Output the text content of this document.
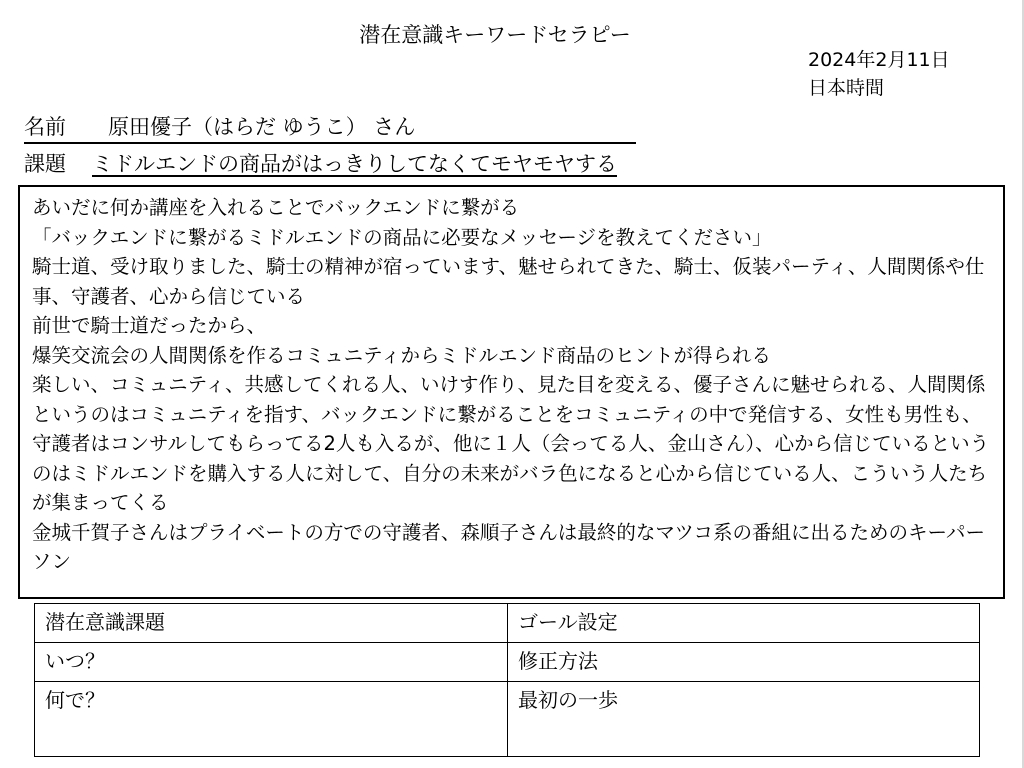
潜在意識キーワードセラピー
2024年2月11日
日本時間
名前 原田優子（はらだ ゆうこ） さん
課題 ミドルエンドの商品がはっきりしてなくてモヤモヤする

あいだに何か講座を入れることでバックエンドに繋がる

「バックエンドに繋がるミドルエンドの商品に必要なメッセージを教えてください」

騎士道、受け取りました、騎士の精神が宿っています、魅せられてきた、騎士、仮装パーティ、人間関係や仕事、守護者、心から信じている

前世で騎士道だったから、

爆笑交流会の人間関係を作るコミュニティからミドルエンド商品のヒントが得られる

楽しい、コミュニティ、共感してくれる人、いけす作り、見た目を変える、優子さんに魅せられる、人間関係というのはコミュニティを指す、バックエンドに繋がることをコミュニティの中で発信する、女性も男性も、守護者はコンサルしてもらってる2人も入るが、他に１人（会ってる人、金山さん）、心から信じているというのはミドルエンドを購入する人に対して、自分の未来がバラ色になると心から信じている人、こういう人たちが集まってくる

金城千賀子さんはプライベートの方での守護者、森順子さんは最終的なマツコ系の番組に出るためのキーパーソン

潜在意識課題	ゴール設定
いつ？	修正方法
何で？	最初の一歩
